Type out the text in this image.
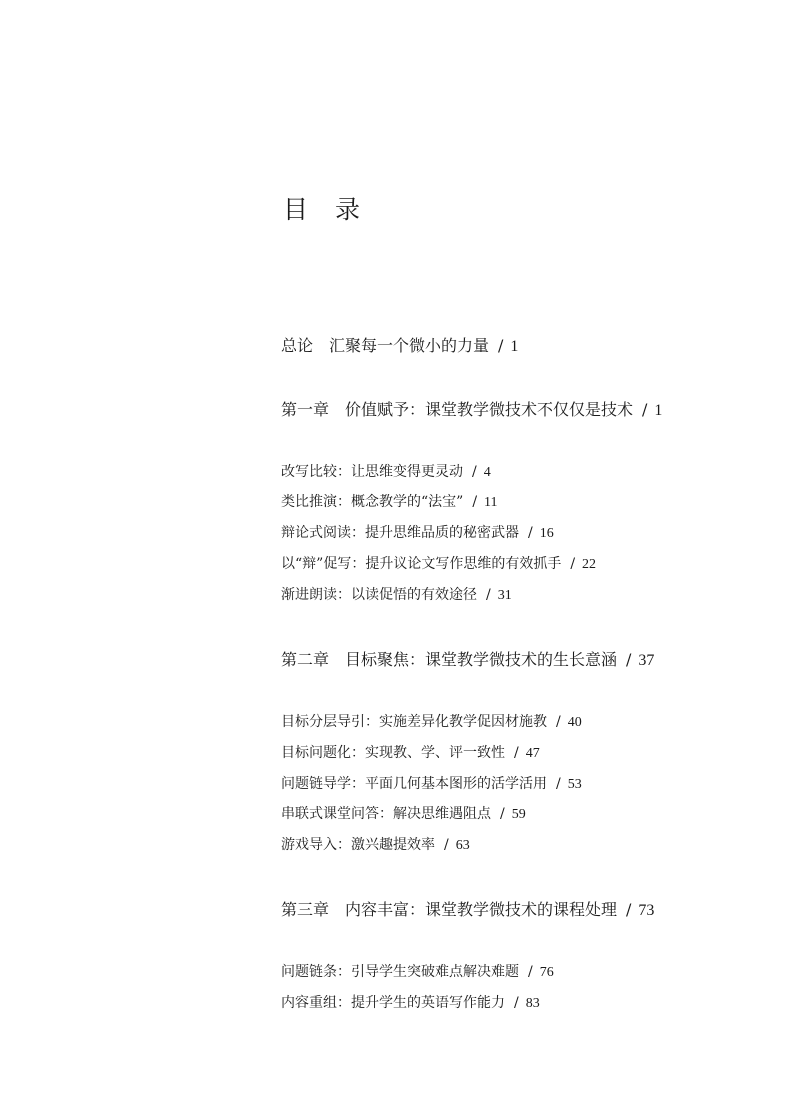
目 录
总论 汇聚每一个微小的力量 / 1
第一章 价值赋予：课堂教学微技术不仅仅是技术 / 1
改写比较：让思维变得更灵动 / 4
类比推演：概念教学的“法宝” / 11
辩论式阅读：提升思维品质的秘密武器 / 16
以“辩”促写：提升议论文写作思维的有效抓手 / 22
渐进朗读：以读促悟的有效途径 / 31
第二章 目标聚焦：课堂教学微技术的生长意涵 / 37
目标分层导引：实施差异化教学促因材施教 / 40
目标问题化：实现教、学、评一致性 / 47
问题链导学：平面几何基本图形的活学活用 / 53
串联式课堂问答：解决思维遇阻点 / 59
游戏导入：激兴趣提效率 / 63
第三章 内容丰富：课堂教学微技术的课程处理 / 73
问题链条：引导学生突破难点解决难题 / 76
内容重组：提升学生的英语写作能力 / 83
